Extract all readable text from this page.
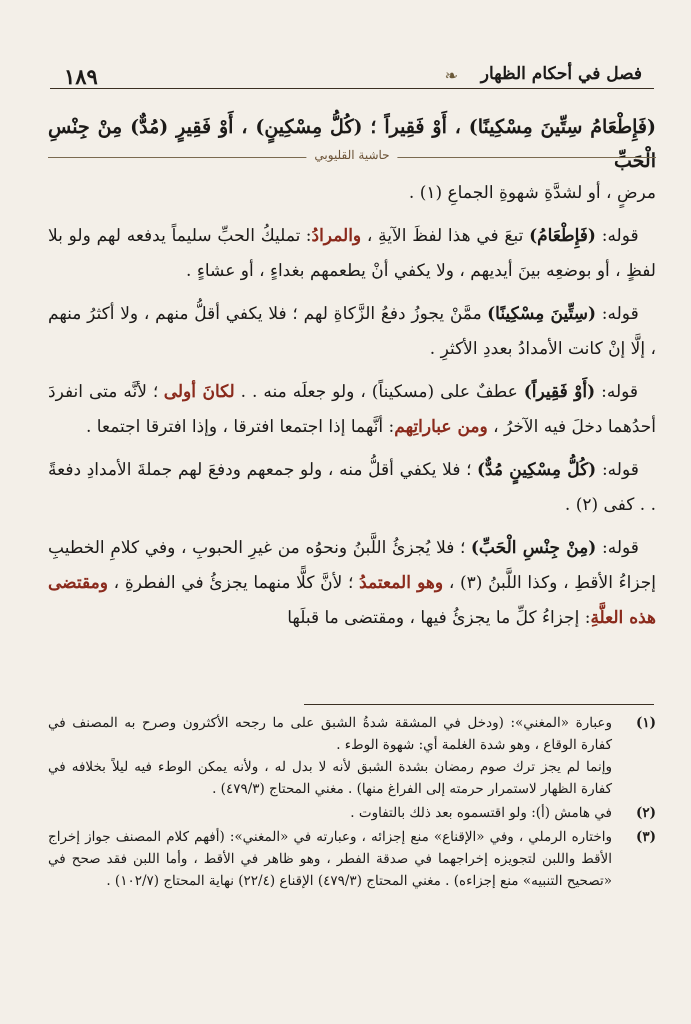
١٨٩	❧ فصل في أحكام الظهار
(فَإِطْعَامُ سِتِّينَ مِسْكِينًا) ، أَوْ فَقِيراً ؛ (كُلُّ مِسْكِينٍ) ، أَوْ فَقِيرٍ (مُدٌّ) مِنْ جِنْسِ الْحَبِّ
حاشية القليوبي

مرضٍ ، أو لشدَّةِ شهوةِ الجماعِ (١) .

قوله: (فَإِطْعَامُ) تبعَ في هذا لفظَ الآيةِ ، والمرادُ: تمليكُ الحبِّ سليماً يدفعه لهم ولو بلا لفظٍ ، أو بوضعِه بينَ أيديهم ، ولا يكفي أنْ يطعمهم بغداءٍ ، أو عشاءٍ .

قوله: (سِتِّينَ مِسْكِينًا) ممَّنْ يجوزُ دفعُ الزَّكاةِ لهم ؛ فلا يكفي أقلُّ منهم ، ولا أكثرُ منهم ، إلَّا إنْ كانت الأمدادُ بعددِ الأكثرِ .

قوله: (أَوْ فَقِيراً) عطفٌ على (مسكيناً) ، ولو جعلَه منه . . لكانَ أولى ؛ لأنَّه متى انفردَ أحدُهما دخلَ فيه الآخرُ ، ومن عباراتِهم: أنَّهما إذا اجتمعا افترقا ، وإذا افترقا اجتمعا .

قوله: (كُلُّ مِسْكِينٍ مُدٌّ) ؛ فلا يكفي أقلُّ منه ، ولو جمعهم ودفعَ لهم جملةَ الأمدادِ دفعةً . . كفى (٢) .

قوله: (مِنْ جِنْسِ الْحَبِّ) ؛ فلا يُجزئُ اللَّبنُ ونحوُه من غيرِ الحبوبِ ، وفي كلامِ الخطيبِ إجزاءُ الأقطِ ، وكذا اللَّبنُ (٣) ، وهو المعتمدُ ؛ لأنَّ كلًّا منهما يجزئُ في الفطرةِ ، ومقتضى هذه العلَّةِ: إجزاءُ كلِّ ما يجزئُ فيها ، ومقتضى ما قبلَها

(١)

وعبارة «المغني»: (ودخل في المشقة شدةُ الشبق على ما رجحه الأكثرون وصرح به المصنف في كفارة الوقاع ، وهو شدة الغلمة أي: شهوة الوطء .

وإنما لم يجز ترك صوم رمضان بشدة الشبق لأنه لا بدل له ، ولأنه يمكن الوطء فيه ليلاً بخلافه في كفارة الظهار لاستمرار حرمته إلى الفراغ منها) . مغني المحتاج (٤٧٩/٣) .

(٢)

في هامش (أ): ولو اقتسموه بعد ذلك بالتفاوت .

(٣)

واختاره الرملي ، وفي «الإقناع» منع إجزائه ، وعبارته في «المغني»: (أفهم كلام المصنف جواز إخراج الأقط واللبن لتجويزه إخراجهما في صدقة الفطر ، وهو ظاهر في الأقط ، وأما اللبن فقد صحح في «تصحيح التنبيه» منع إجزاءه) . مغني المحتاج (٤٧٩/٣) الإقناع (٢٢/٤) نهاية المحتاج (١٠٢/٧) .
